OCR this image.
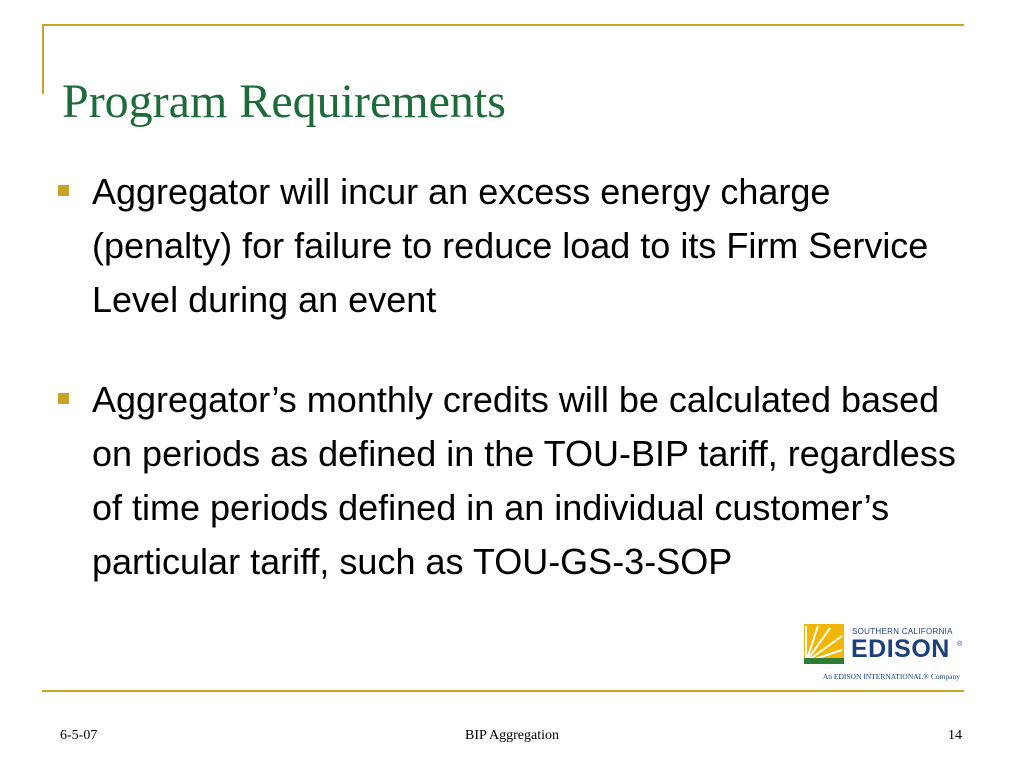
Program Requirements
Aggregator will incur an excess energy charge (penalty) for failure to reduce load to its Firm Service Level during an event
Aggregator’s monthly credits will be calculated based on periods as defined in the TOU-BIP tariff, regardless of time periods defined in an individual customer’s particular tariff, such as TOU-GS-3-SOP
SOUTHERN CALIFORNIA
EDISON ®
An EDISON INTERNATIONAL® Company
6-5-07	BIP Aggregation	14
